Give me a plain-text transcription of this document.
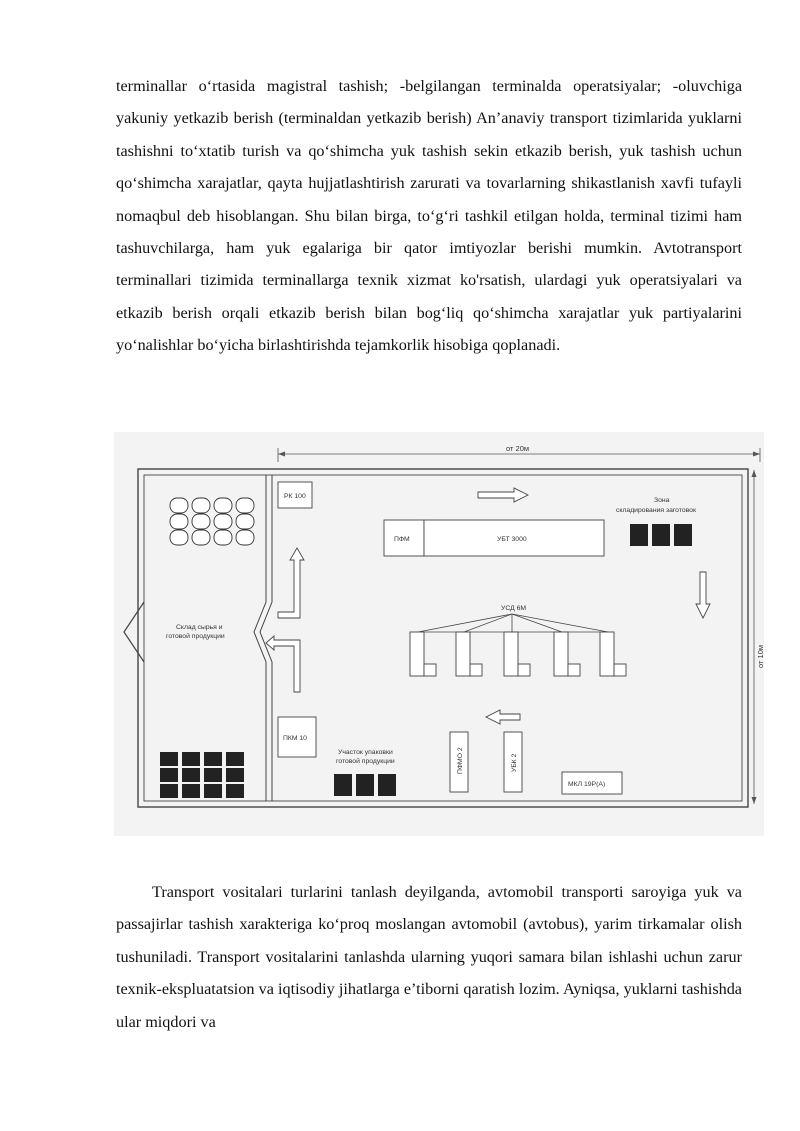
terminallar o‘rtasida magistral tashish; -belgilangan terminalda operatsiyalar; -oluvchiga yakuniy yetkazib berish (terminaldan yetkazib berish) An’anaviy transport tizimlarida yuklarni tashishni to‘xtatib turish va qo‘shimcha yuk tashish sekin etkazib berish, yuk tashish uchun qo‘shimcha xarajatlar, qayta hujjatlashtirish zarurati va tovarlarning shikastlanish xavfi tufayli nomaqbul deb hisoblangan. Shu bilan birga, to‘g‘ri tashkil etilgan holda, terminal tizimi ham tashuvchilarga, ham yuk egalariga bir qator imtiyozlar berishi mumkin. Avtotransport terminallari tizimida terminallarga texnik xizmat ko'rsatish, ulardagi yuk operatsiyalari va etkazib berish orqali etkazib berish bilan bog‘liq qo‘shimcha xarajatlar yuk partiyalarini yo‘nalishlar bo‘yicha birlashtirishda tejamkorlik hisobiga qoplanadi.

от 20м
от 10м
Склад сырья и
готовой продукции
РК 100
ПКМ 10
ПФМ	УБТ 3000
Зона
складирования заготовок
УСД 6М
Участок упаковки
готовой продукции	ПФМО 2	УБК 2
МКЛ 19Р(А)

Transport vositalari turlarini tanlash deyilganda, avtomobil transporti saroyiga yuk va passajirlar tashish xarakteriga ko‘proq moslangan avtomobil (avtobus), yarim tirkamalar olish tushuniladi. Transport vositalarini tanlashda ularning yuqori samara bilan ishlashi uchun zarur texnik-ekspluatatsion va iqtisodiy jihatlarga e’tiborni qaratish lozim. Ayniqsa, yuklarni tashishda ular miqdori va
